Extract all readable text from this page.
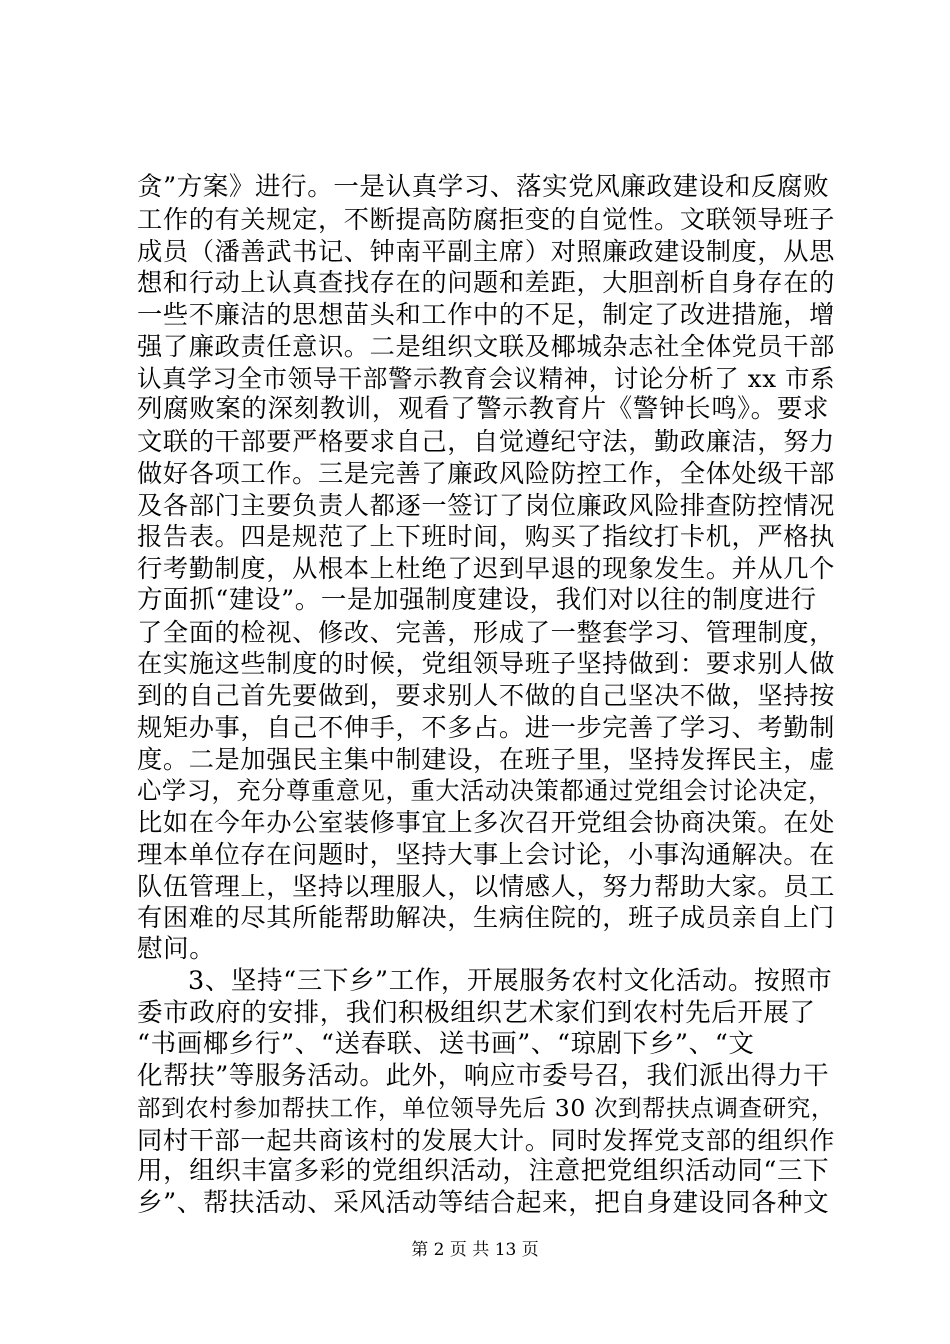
贪”方案》进行。一是认真学习、落实党风廉政建设和反腐败
工作的有关规定，不断提高防腐拒变的自觉性。文联领导班子
成员（潘善武书记、钟南平副主席）对照廉政建设制度，从思
想和行动上认真查找存在的问题和差距，大胆剖析自身存在的
一些不廉洁的思想苗头和工作中的不足，制定了改进措施，增
强了廉政责任意识。二是组织文联及椰城杂志社全体党员干部
认真学习全市领导干部警示教育会议精神，讨论分析了 xx 市系
列腐败案的深刻教训，观看了警示教育片《警钟长鸣》。要求
文联的干部要严格要求自己，自觉遵纪守法，勤政廉洁，努力
做好各项工作。三是完善了廉政风险防控工作，全体处级干部
及各部门主要负责人都逐一签订了岗位廉政风险排查防控情况
报告表。四是规范了上下班时间，购买了指纹打卡机，严格执
行考勤制度，从根本上杜绝了迟到早退的现象发生。并从几个
方面抓“建设”。一是加强制度建设，我们对以往的制度进行
了全面的检视、修改、完善，形成了一整套学习、管理制度，
在实施这些制度的时候，党组领导班子坚持做到：要求别人做
到的自己首先要做到，要求别人不做的自己坚决不做，坚持按
规矩办事，自己不伸手，不多占。进一步完善了学习、考勤制
度。二是加强民主集中制建设，在班子里，坚持发挥民主，虚
心学习，充分尊重意见，重大活动决策都通过党组会讨论决定，
比如在今年办公室装修事宜上多次召开党组会协商决策。在处
理本单位存在问题时，坚持大事上会讨论，小事沟通解决。在
队伍管理上，坚持以理服人，以情感人，努力帮助大家。员工
有困难的尽其所能帮助解决，生病住院的，班子成员亲自上门
慰问。
3、坚持“三下乡”工作，开展服务农村文化活动。按照市
委市政府的安排，我们积极组织艺术家们到农村先后开展了
“书画椰乡行”、“送春联、送书画”、“琼剧下乡”、“文
化帮扶”等服务活动。此外，响应市委号召，我们派出得力干
部到农村参加帮扶工作，单位领导先后 30 次到帮扶点调查研究，
同村干部一起共商该村的发展大计。同时发挥党支部的组织作
用，组织丰富多彩的党组织活动，注意把党组织活动同“三下
乡”、帮扶活动、采风活动等结合起来，把自身建设同各种文
第 2 页 共 13 页
